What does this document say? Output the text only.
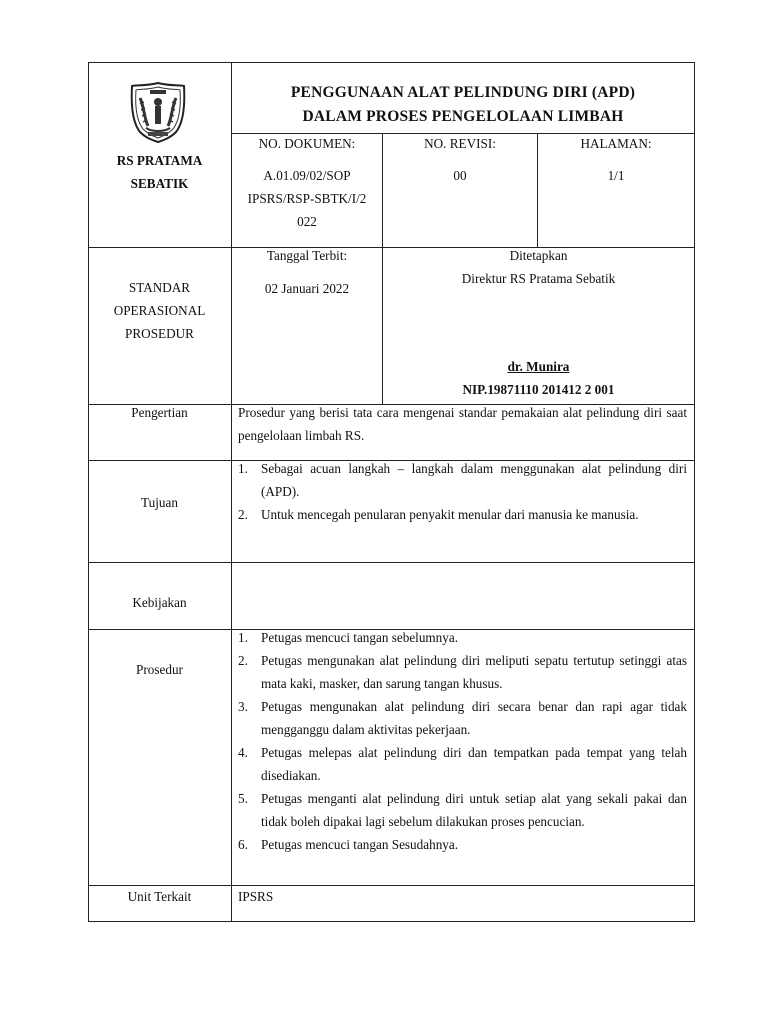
RS PRATAMA
SEBATIK
PENGGUNAAN ALAT PELINDUNG DIRI (APD)
DALAM PROSES PENGELOLAAN LIMBAH
NO. DOKUMEN:
A.01.09/02/SOP
IPSRS/RSP-SBTK/I/2
022
NO. REVISI:
00
HALAMAN:
1/1
STANDAR
OPERASIONAL
PROSEDUR
Tanggal Terbit:
02 Januari 2022
Ditetapkan
Direktur RS Pratama Sebatik
dr. Munira
NIP.19871110 201412 2 001
Pengertian	Prosedur yang berisi tata cara mengenai standar pemakaian alat pelindung diri saat pengelolaan limbah RS.
Tujuan
1. Sebagai acuan langkah – langkah dalam menggunakan alat pelindung diri (APD).
2. Untuk mencegah penularan penyakit menular dari manusia ke manusia.
Kebijakan
Prosedur
1. Petugas mencuci tangan sebelumnya.
2. Petugas mengunakan alat pelindung diri meliputi sepatu tertutup setinggi atas mata kaki, masker, dan sarung tangan khusus.
3. Petugas mengunakan alat pelindung diri secara benar dan rapi agar tidak mengganggu dalam aktivitas pekerjaan.
4. Petugas melepas alat pelindung diri dan tempatkan pada tempat yang telah disediakan.
5. Petugas menganti alat pelindung diri untuk setiap alat yang sekali pakai dan tidak boleh dipakai lagi sebelum dilakukan proses pencucian.
6. Petugas mencuci tangan Sesudahnya.
Unit Terkait	IPSRS
